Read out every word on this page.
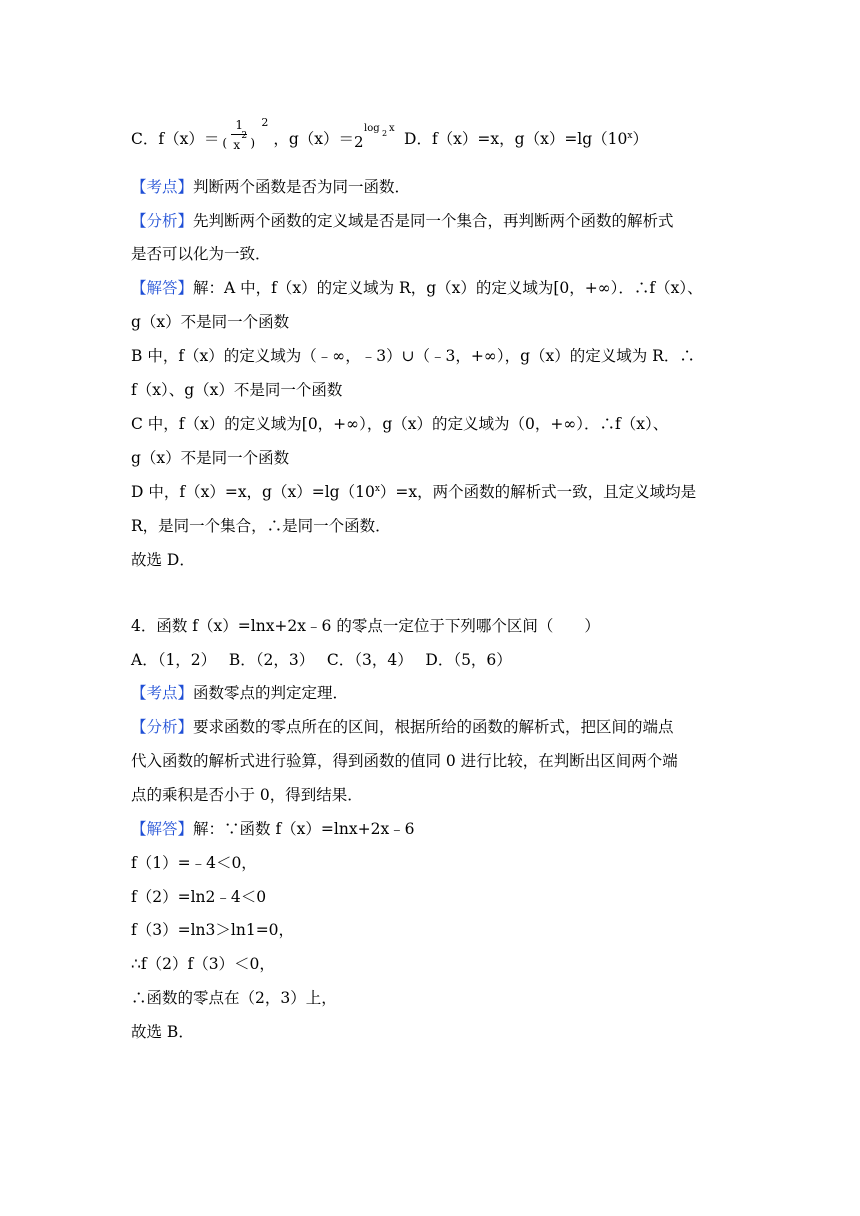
C．f（x）＝
1
( x
2 )
2
，g（x）＝ 2
log 2 x
D．f（x）=x，$g(x)=\lg(10^x)$
【考点】判断两个函数是否为同一函数．
【分析】先判断两个函数的定义域是否是同一个集合，再判断两个函数的解析式
是否可以化为一致．
【解答】解：A 中，f（x）的定义域为 R，g（x）的定义域为[0，+∞）．∴f（x）、
g（x）不是同一个函数
B 中，f（x）的定义域为（﹣∞，﹣3）∪（﹣3，+∞），g（x）的定义域为 R．∴
f（x）、g（x）不是同一个函数
C 中，f（x）的定义域为[0，+∞），g（x）的定义域为（0，+∞）．∴f（x）、
g（x）不是同一个函数
D 中，f（x）=x，$g(x)=\lg(10^x)=x$，两个函数的解析式一致，且定义域均是
R，是同一个集合，∴是同一个函数．
故选 D．
4．函数 f（x）=lnx+2x﹣6 的零点一定位于下列哪个区间（　　）
A．（1，2）　 B．（2，3）　 C．（3，4）　 D．（5，6）
【考点】函数零点的判定定理．
【分析】要求函数的零点所在的区间，根据所给的函数的解析式，把区间的端点
代入函数的解析式进行验算，得到函数的值同 0 进行比较，在判断出区间两个端
点的乘积是否小于 0，得到结果．
【解答】解：∵函数 f（x）=lnx+2x﹣6
f（1）=﹣4＜0，
f（2）=ln2﹣4＜0
f（3）=ln3＞ln1=0，
∴f（2）f（3）＜0，
∴函数的零点在（2，3）上，
故选 B．
